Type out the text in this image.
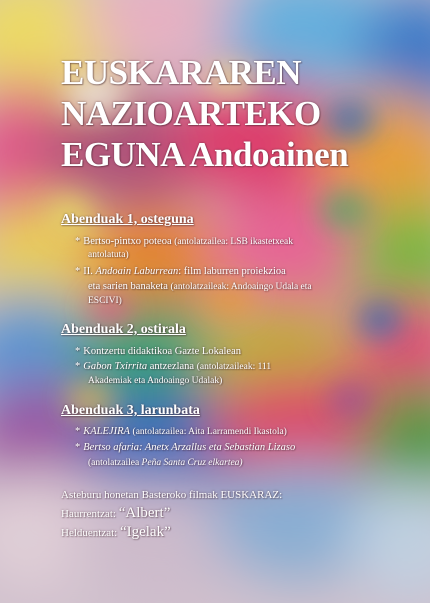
EUSKARAREN
NAZIOARTEKO
EGUNA Andoainen
Abenduak 1, osteguna
* Bertso-pintxo poteoa (antolatzailea: LSB ikastetxeak
antolatuta)
* II. Andoain Laburrean: film laburren proiekzioa
eta sarien banaketa (antolatzaileak: Andoaingo Udala eta
ESCIVI)
Abenduak 2, ostirala
* Kontzertu didaktikoa Gazte Lokalean
* Gabon Txirrita antzezlana (antolatzaileak: 111
Akademiak eta Andoaingo Udalak)
Abenduak 3, larunbata
* KALEJIRA (antolatzailea: Aita Larramendi Ikastola)
* Bertso afaria: Anetx Arzallus eta Sebastian Lizaso
(antolatzailea Peña Santa Cruz elkartea)
Asteburu honetan Basteroko filmak EUSKARAZ:
Haurrentzat: “Albert”
Helduentzat: “Igelak”
